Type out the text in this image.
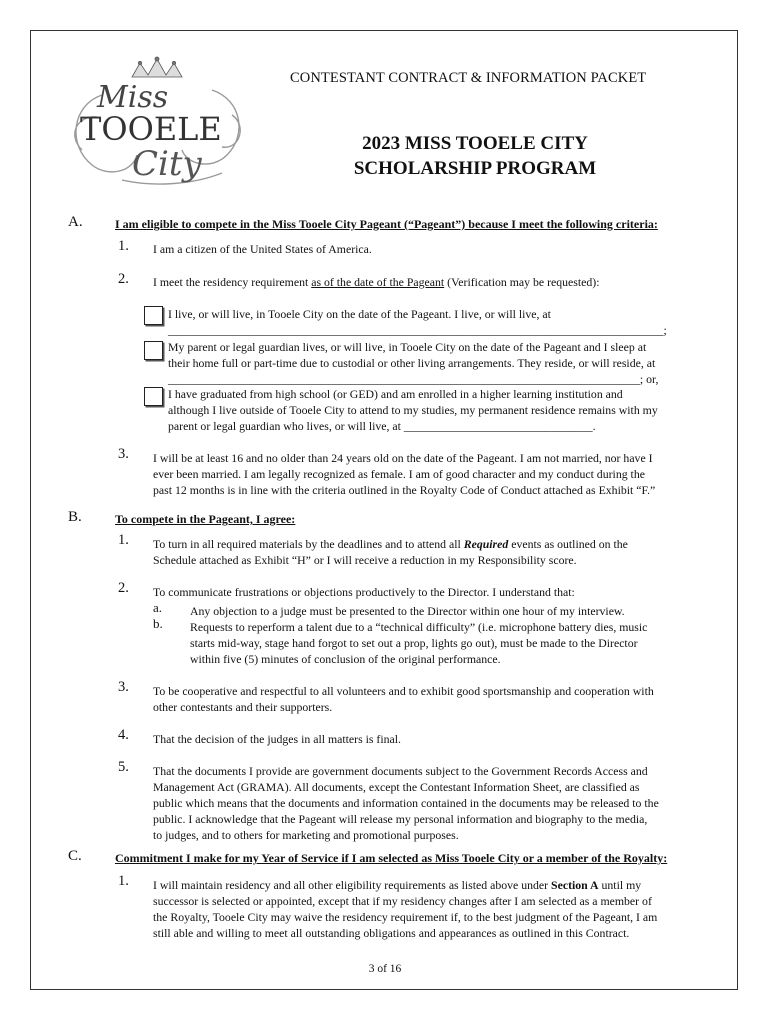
Miss
TOOELE
City
CONTESTANT CONTRACT & INFORMATION PACKET
2023 MISS TOOELE CITY
SCHOLARSHIP PROGRAM
A.	I am eligible to compete in the Miss Tooele City Pageant (“Pageant”) because I meet the following criteria:
1. I am a citizen of the United States of America.
2. I meet the residency requirement as of the date of the Pageant (Verification may be requested):
I live, or will live, in Tooele City on the date of the Pageant. I live, or will live, at
____________________________________________________________________________________;
My parent or legal guardian lives, or will live, in Tooele City on the date of the Pageant and I sleep at
their home full or part-time due to custodial or other living arrangements. They reside, or will reside, at
________________________________________________________________________________; or,
I have graduated from high school (or GED) and am enrolled in a higher learning institution and
although I live outside of Tooele City to attend to my studies, my permanent residence remains with my
parent or legal guardian who lives, or will live, at ________________________________.
3. I will be at least 16 and no older than 24 years old on the date of the Pageant. I am not married, nor have I
ever been married. I am legally recognized as female. I am of good character and my conduct during the
past 12 months is in line with the criteria outlined in the Royalty Code of Conduct attached as Exhibit “F.”
B.	To compete in the Pageant, I agree:
1. To turn in all required materials by the deadlines and to attend all Required events as outlined on the
Schedule attached as Exhibit “H” or I will receive a reduction in my Responsibility score.
2. To communicate frustrations or objections productively to the Director. I understand that:
a. Any objection to a judge must be presented to the Director within one hour of my interview.
b. Requests to reperform a talent due to a “technical difficulty” (i.e. microphone battery dies, music
starts mid-way, stage hand forgot to set out a prop, lights go out), must be made to the Director
within five (5) minutes of conclusion of the original performance.
3. To be cooperative and respectful to all volunteers and to exhibit good sportsmanship and cooperation with
other contestants and their supporters.
4. That the decision of the judges in all matters is final.
5. That the documents I provide are government documents subject to the Government Records Access and
Management Act (GRAMA). All documents, except the Contestant Information Sheet, are classified as
public which means that the documents and information contained in the documents may be released to the
public. I acknowledge that the Pageant will release my personal information and biography to the media,
to judges, and to others for marketing and promotional purposes.
C.	Commitment I make for my Year of Service if I am selected as Miss Tooele City or a member of the Royalty:
1. I will maintain residency and all other eligibility requirements as listed above under Section A until my
successor is selected or appointed, except that if my residency changes after I am selected as a member of
the Royalty, Tooele City may waive the residency requirement if, to the best judgment of the Pageant, I am
still able and willing to meet all outstanding obligations and appearances as outlined in this Contract.
3 of 16
